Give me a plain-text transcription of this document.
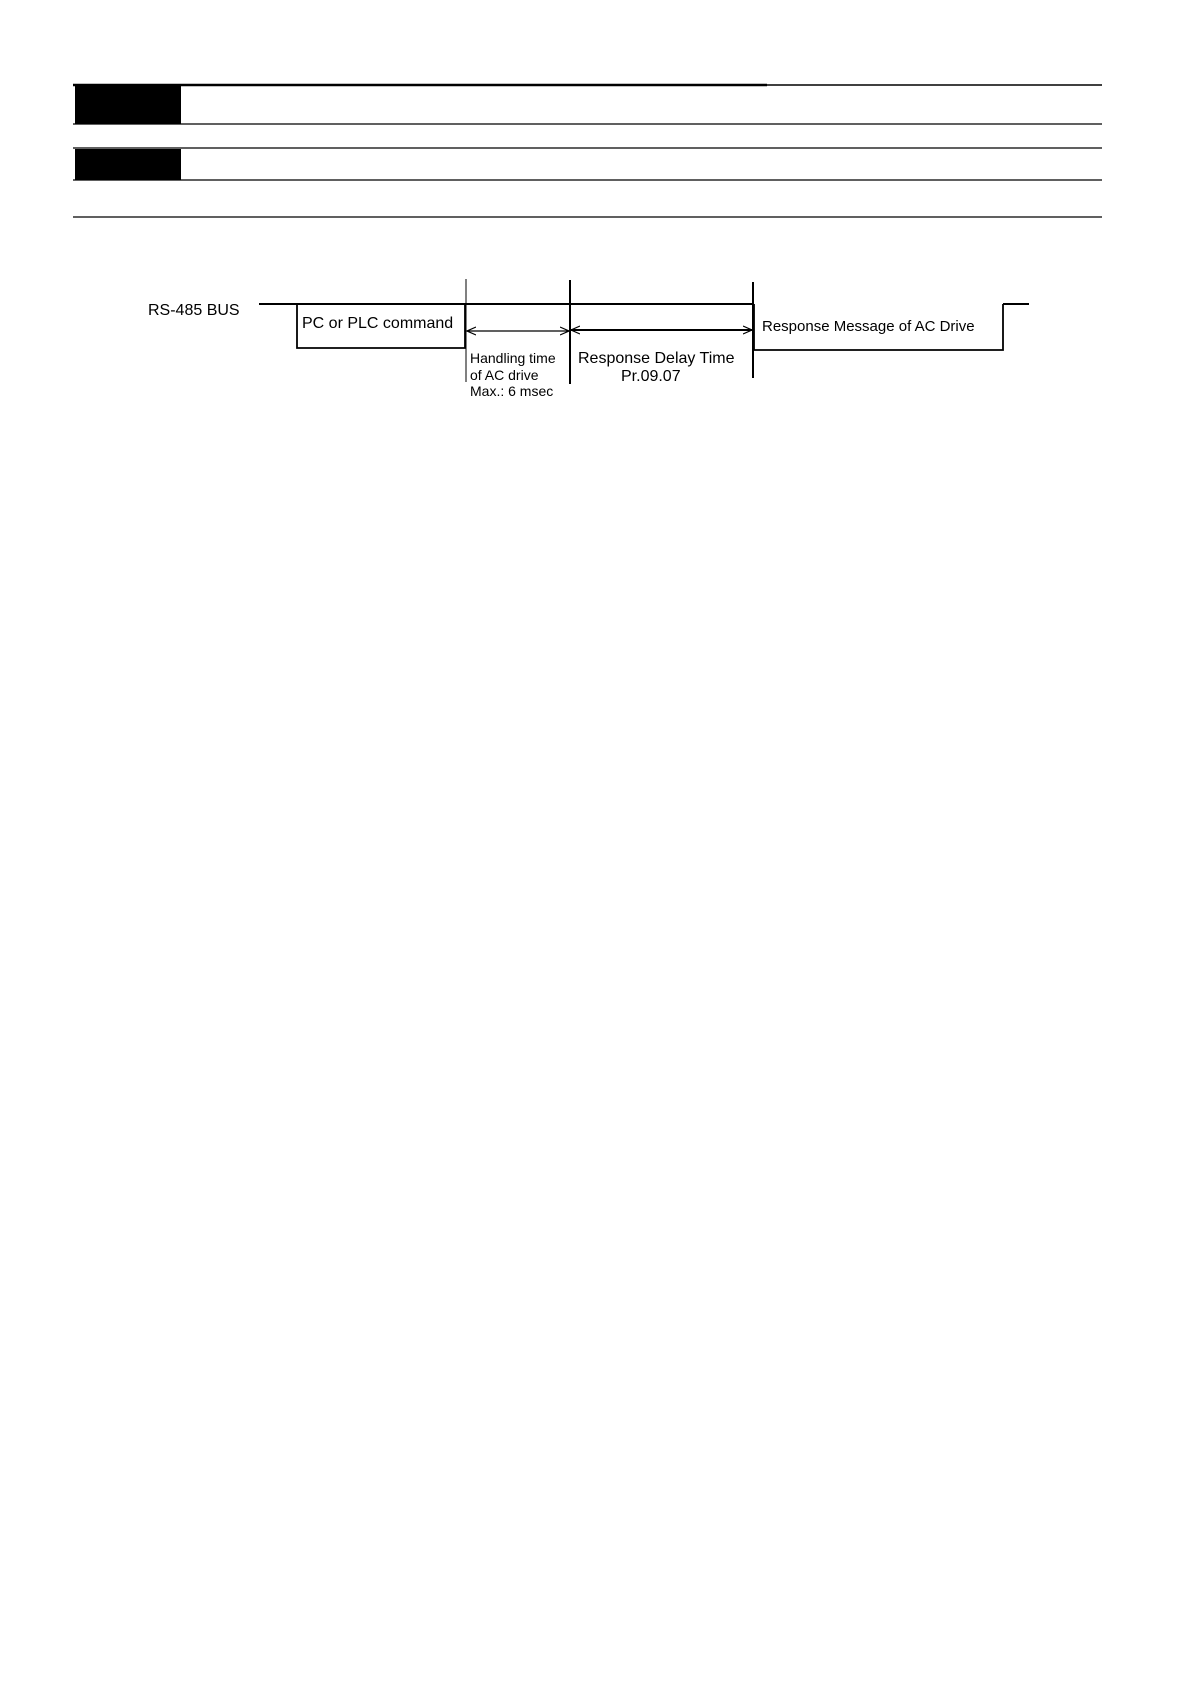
RS-485 BUS
PC or PLC command	Response Message of AC Drive
Handling time
of AC drive
Max.: 6 msec
Response Delay Time
Pr.09.07
